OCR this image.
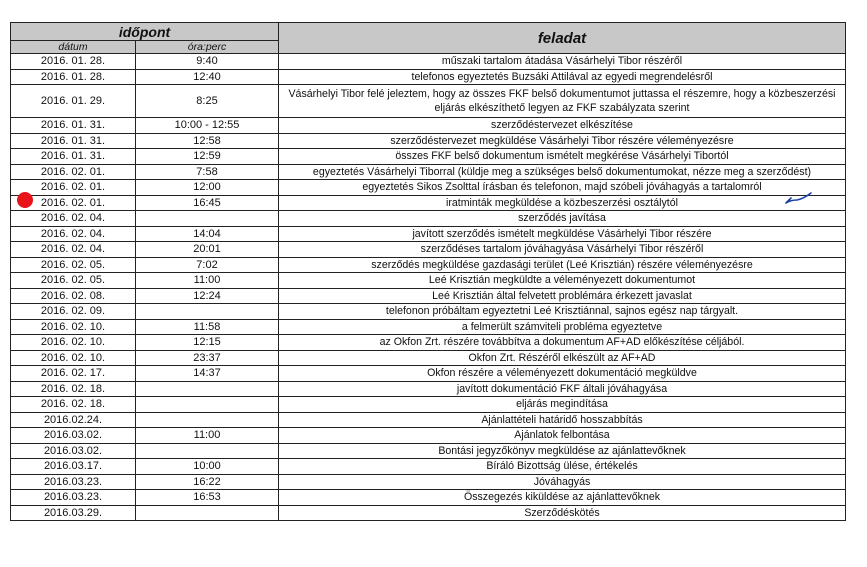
időpont		feladat
dátum	óra:perc	
2016. 01. 28.	9:40	műszaki tartalom átadása Vásárhelyi Tibor részéről
2016. 01. 28.	12:40	telefonos egyeztetés Buzsáki Attilával az egyedi megrendelésről
2016. 01. 29.	8:25	Vásárhelyi Tibor felé jeleztem, hogy az összes FKF belső dokumentumot juttassa el részemre, hogy a közbeszerzési eljárás elkészíthető legyen az FKF szabályzata szerint
2016. 01. 31.	10:00 - 12:55	szerződéstervezet elkészítése
2016. 01. 31.	12:58	szerződéstervezet megküldése Vásárhelyi Tibor részére véleményezésre
2016. 01. 31.	12:59	összes FKF belső dokumentum ismételt megkérése Vásárhelyi Tibortól
2016. 02. 01.	7:58	egyeztetés Vásárhelyi Tiborral (küldje meg a szükséges belső dokumentumokat, nézze meg a szerződést)
2016. 02. 01.	12:00	egyeztetés Sikos Zsolttal írásban és telefonon, majd szóbeli jóváhagyás a tartalomról
2016. 02. 01.	16:45	iratminták megküldése a közbeszerzési osztálytól
2016. 02. 04.		szerződés javítása
2016. 02. 04.	14:04	javított szerződés ismételt megküldése Vásárhelyi Tibor részére
2016. 02. 04.	20:01	szerződéses tartalom jóváhagyása Vásárhelyi Tibor részéről
2016. 02. 05.	7:02	szerződés megküldése gazdasági terület (Leé Krisztián) részére véleményezésre
2016. 02. 05.	11:00	Leé Krisztián megküldte a véleményezett dokumentumot
2016. 02. 08.	12:24	Leé Krisztián által felvetett problémára érkezett javaslat
2016. 02. 09.		telefonon próbáltam egyeztetni Leé Krisztiánnal, sajnos egész nap tárgyalt.
2016. 02. 10.	11:58	a felmerült számviteli probléma egyeztetve
2016. 02. 10.	12:15	az Okfon Zrt. részére továbbítva a dokumentum AF+AD előkészítése céljából.
2016. 02. 10.	23:37	Okfon Zrt. Részéről elkészült az AF+AD
2016. 02. 17.	14:37	Okfon részére a véleményezett dokumentáció megküldve
2016. 02. 18.		javított dokumentáció FKF általi jóváhagyása
2016. 02. 18.		eljárás megindítása
2016.02.24.		Ajánlattételi határidő hosszabbítás
2016.03.02.	11:00	Ajánlatok felbontása
2016.03.02.		Bontási jegyzőkönyv megküldése az ajánlattevőknek
2016.03.17.	10:00	Bíráló Bizottság ülése, értékelés
2016.03.23.	16:22	Jóváhagyás
2016.03.23.	16:53	Összegezés kiküldése az ajánlattevőknek
2016.03.29.		Szerződéskötés
